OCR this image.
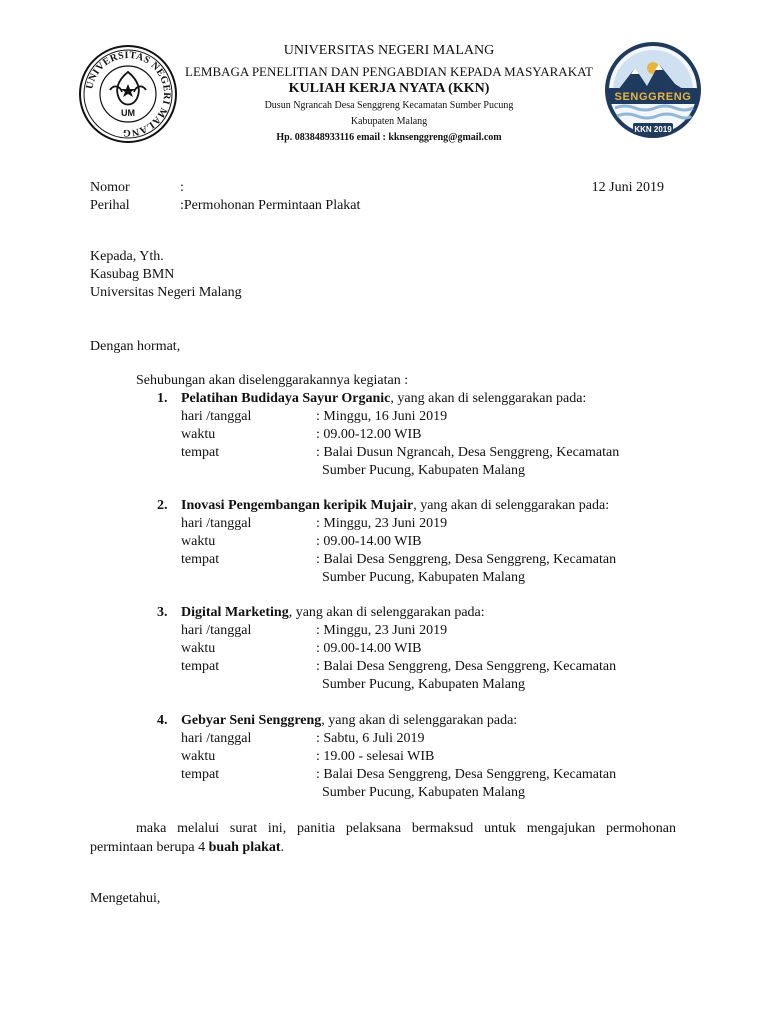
UNIVERSITAS NEGERI MALANG
UM
SENGGRENG
KKN 2019
UNIVERSITAS NEGERI MALANG
LEMBAGA PENELITIAN DAN PENGABDIAN KEPADA MASYARAKAT
KULIAH KERJA NYATA (KKN)
Dusun Ngrancah Desa Senggreng Kecamatan Sumber Pucung
Kabupaten Malang
Hp. 083848933116 email : kknsenggreng@gmail.com
Nomor	:	12 Juni 2019
Perihal	:Permohonan Permintaan Plakat
Kepada, Yth.
Kasubag BMN
Universitas Negeri Malang
Dengan hormat,
Sehubungan akan diselenggarakannya kegiatan :
1. Pelatihan Budidaya Sayur Organic, yang akan di selenggarakan pada:
hari /tanggal	: Minggu, 16 Juni 2019
waktu	: 09.00-12.00 WIB
tempat	: Balai Dusun Ngrancah, Desa Senggreng, Kecamatan
Sumber Pucung, Kabupaten Malang
2. Inovasi Pengembangan keripik Mujair, yang akan di selenggarakan pada:
hari /tanggal	: Minggu, 23 Juni 2019
waktu	: 09.00-14.00 WIB
tempat	: Balai Desa Senggreng, Desa Senggreng, Kecamatan
Sumber Pucung, Kabupaten Malang
3. Digital Marketing, yang akan di selenggarakan pada:
hari /tanggal	: Minggu, 23 Juni 2019
waktu	: 09.00-14.00 WIB
tempat	: Balai Desa Senggreng, Desa Senggreng, Kecamatan
Sumber Pucung, Kabupaten Malang
4. Gebyar Seni Senggreng, yang akan di selenggarakan pada:
hari /tanggal	: Sabtu, 6 Juli 2019
waktu	: 19.00 - selesai WIB
tempat	: Balai Desa Senggreng, Desa Senggreng, Kecamatan
Sumber Pucung, Kabupaten Malang
maka melalui surat ini, panitia pelaksana bermaksud untuk mengajukan permohonan permintaan berupa 4 buah plakat.
Mengetahui,
